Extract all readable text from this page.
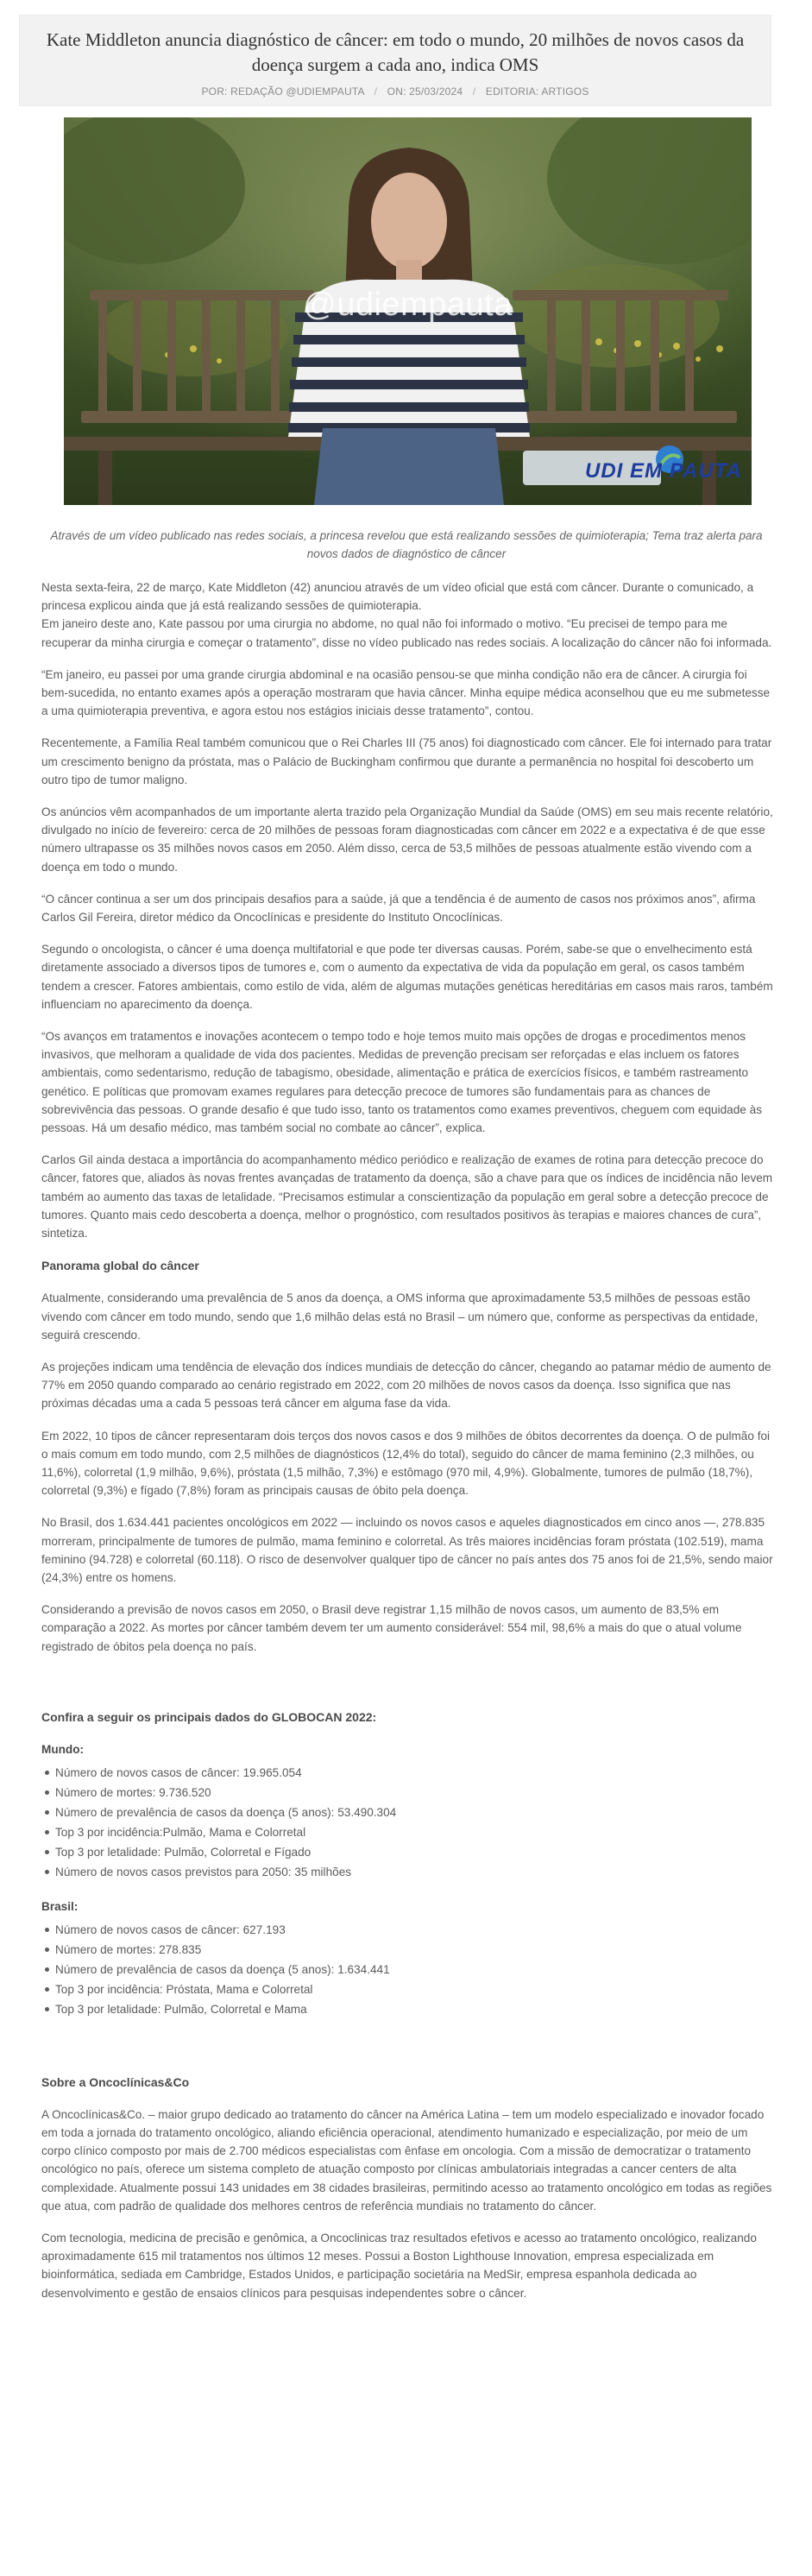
Kate Middleton anuncia diagnóstico de câncer: em todo o mundo, 20 milhões de novos casos da doença surgem a cada ano, indica OMS
POR: REDAÇÃO @UDIEMPAUTA / ON: 25/03/2024 / EDITORIA: ARTIGOS
@udiempauta
UDI EM PAUTA
Através de um vídeo publicado nas redes sociais, a princesa revelou que está realizando sessões de quimioterapia; Tema traz alerta para novos dados de diagnóstico de câncer

Nesta sexta-feira, 22 de março, Kate Middleton (42) anunciou através de um vídeo oficial que está com câncer. Durante o comunicado, a princesa explicou ainda que já está realizando sessões de quimioterapia.

Em janeiro deste ano, Kate passou por uma cirurgia no abdome, no qual não foi informado o motivo. “Eu precisei de tempo para me recuperar da minha cirurgia e começar o tratamento”, disse no vídeo publicado nas redes sociais. A localização do câncer não foi informada.

“Em janeiro, eu passei por uma grande cirurgia abdominal e na ocasião pensou-se que minha condição não era de câncer. A cirurgia foi bem-sucedida, no entanto exames após a operação mostraram que havia câncer. Minha equipe médica aconselhou que eu me submetesse a uma quimioterapia preventiva, e agora estou nos estágios iniciais desse tratamento”, contou.

Recentemente, a Família Real também comunicou que o Rei Charles III (75 anos) foi diagnosticado com câncer. Ele foi internado para tratar um crescimento benigno da próstata, mas o Palácio de Buckingham confirmou que durante a permanência no hospital foi descoberto um outro tipo de tumor maligno.

Os anúncios vêm acompanhados de um importante alerta trazido pela Organização Mundial da Saúde (OMS) em seu mais recente relatório, divulgado no início de fevereiro: cerca de 20 milhões de pessoas foram diagnosticadas com câncer em 2022 e a expectativa é de que esse número ultrapasse os 35 milhões novos casos em 2050. Além disso, cerca de 53,5 milhões de pessoas atualmente estão vivendo com a doença em todo o mundo.

“O câncer continua a ser um dos principais desafios para a saúde, já que a tendência é de aumento de casos nos próximos anos”, afirma Carlos Gil Fereira, diretor médico da Oncoclínicas e presidente do Instituto Oncoclínicas.

Segundo o oncologista, o câncer é uma doença multifatorial e que pode ter diversas causas. Porém, sabe-se que o envelhecimento está diretamente associado a diversos tipos de tumores e, com o aumento da expectativa de vida da população em geral, os casos também tendem a crescer. Fatores ambientais, como estilo de vida, além de algumas mutações genéticas hereditárias em casos mais raros, também influenciam no aparecimento da doença.

“Os avanços em tratamentos e inovações acontecem o tempo todo e hoje temos muito mais opções de drogas e procedimentos menos invasivos, que melhoram a qualidade de vida dos pacientes. Medidas de prevenção precisam ser reforçadas e elas incluem os fatores ambientais, como sedentarismo, redução de tabagismo, obesidade, alimentação e prática de exercícios físicos, e também rastreamento genético. E políticas que promovam exames regulares para detecção precoce de tumores são fundamentais para as chances de sobrevivência das pessoas. O grande desafio é que tudo isso, tanto os tratamentos como exames preventivos, cheguem com equidade às pessoas. Há um desafio médico, mas também social no combate ao câncer”, explica.

Carlos Gil ainda destaca a importância do acompanhamento médico periódico e realização de exames de rotina para detecção precoce do câncer, fatores que, aliados às novas frentes avançadas de tratamento da doença, são a chave para que os índices de incidência não levem também ao aumento das taxas de letalidade. “Precisamos estimular a conscientização da população em geral sobre a detecção precoce de tumores. Quanto mais cedo descoberta a doença, melhor o prognóstico, com resultados positivos às terapias e maiores chances de cura”, sintetiza.

Panorama global do câncer

Atualmente, considerando uma prevalência de 5 anos da doença, a OMS informa que aproximadamente 53,5 milhões de pessoas estão vivendo com câncer em todo mundo, sendo que 1,6 milhão delas está no Brasil – um número que, conforme as perspectivas da entidade, seguirá crescendo.

As projeções indicam uma tendência de elevação dos índices mundiais de detecção do câncer, chegando ao patamar médio de aumento de 77% em 2050 quando comparado ao cenário registrado em 2022, com 20 milhões de novos casos da doença. Isso significa que nas próximas décadas uma a cada 5 pessoas terá câncer em alguma fase da vida.

Em 2022, 10 tipos de câncer representaram dois terços dos novos casos e dos 9 milhões de óbitos decorrentes da doença. O de pulmão foi o mais comum em todo mundo, com 2,5 milhões de diagnósticos (12,4% do total), seguido do câncer de mama feminino (2,3 milhões, ou 11,6%), colorretal (1,9 milhão, 9,6%), próstata (1,5 milhão, 7,3%) e estômago (970 mil, 4,9%). Globalmente, tumores de pulmão (18,7%), colorretal (9,3%) e fígado (7,8%) foram as principais causas de óbito pela doença.

No Brasil, dos 1.634.441 pacientes oncológicos em 2022 — incluindo os novos casos e aqueles diagnosticados em cinco anos —, 278.835 morreram, principalmente de tumores de pulmão, mama feminino e colorretal. As três maiores incidências foram próstata (102.519), mama feminino (94.728) e colorretal (60.118). O risco de desenvolver qualquer tipo de câncer no país antes dos 75 anos foi de 21,5%, sendo maior (24,3%) entre os homens.

Considerando a previsão de novos casos em 2050, o Brasil deve registrar 1,15 milhão de novos casos, um aumento de 83,5% em comparação a 2022. As mortes por câncer também devem ter um aumento considerável: 554 mil, 98,6% a mais do que o atual volume registrado de óbitos pela doença no país.

Confira a seguir os principais dados do GLOBOCAN 2022:
Mundo:
Número de novos casos de câncer: 19.965.054
Número de mortes: 9.736.520
Número de prevalência de casos da doença (5 anos): 53.490.304
Top 3 por incidência:Pulmão, Mama e Colorretal
Top 3 por letalidade: Pulmão, Colorretal e Fígado
Número de novos casos previstos para 2050: 35 milhões
Brasil:
Número de novos casos de câncer: 627.193
Número de mortes: 278.835
Número de prevalência de casos da doença (5 anos): 1.634.441
Top 3 por incidência: Próstata, Mama e Colorretal
Top 3 por letalidade: Pulmão, Colorretal e Mama
Sobre a Oncoclínicas&Co

A Oncoclínicas&Co. – maior grupo dedicado ao tratamento do câncer na América Latina – tem um modelo especializado e inovador focado em toda a jornada do tratamento oncológico, aliando eficiência operacional, atendimento humanizado e especialização, por meio de um corpo clínico composto por mais de 2.700 médicos especialistas com ênfase em oncologia. Com a missão de democratizar o tratamento oncológico no país, oferece um sistema completo de atuação composto por clínicas ambulatoriais integradas a cancer centers de alta complexidade. Atualmente possui 143 unidades em 38 cidades brasileiras, permitindo acesso ao tratamento oncológico em todas as regiões que atua, com padrão de qualidade dos melhores centros de referência mundiais no tratamento do câncer.

Com tecnologia, medicina de precisão e genômica, a Oncoclinicas traz resultados efetivos e acesso ao tratamento oncológico, realizando aproximadamente 615 mil tratamentos nos últimos 12 meses. Possui a Boston Lighthouse Innovation, empresa especializada em bioinformática, sediada em Cambridge, Estados Unidos, e participação societária na MedSir, empresa espanhola dedicada ao desenvolvimento e gestão de ensaios clínicos para pesquisas independentes sobre o câncer.
